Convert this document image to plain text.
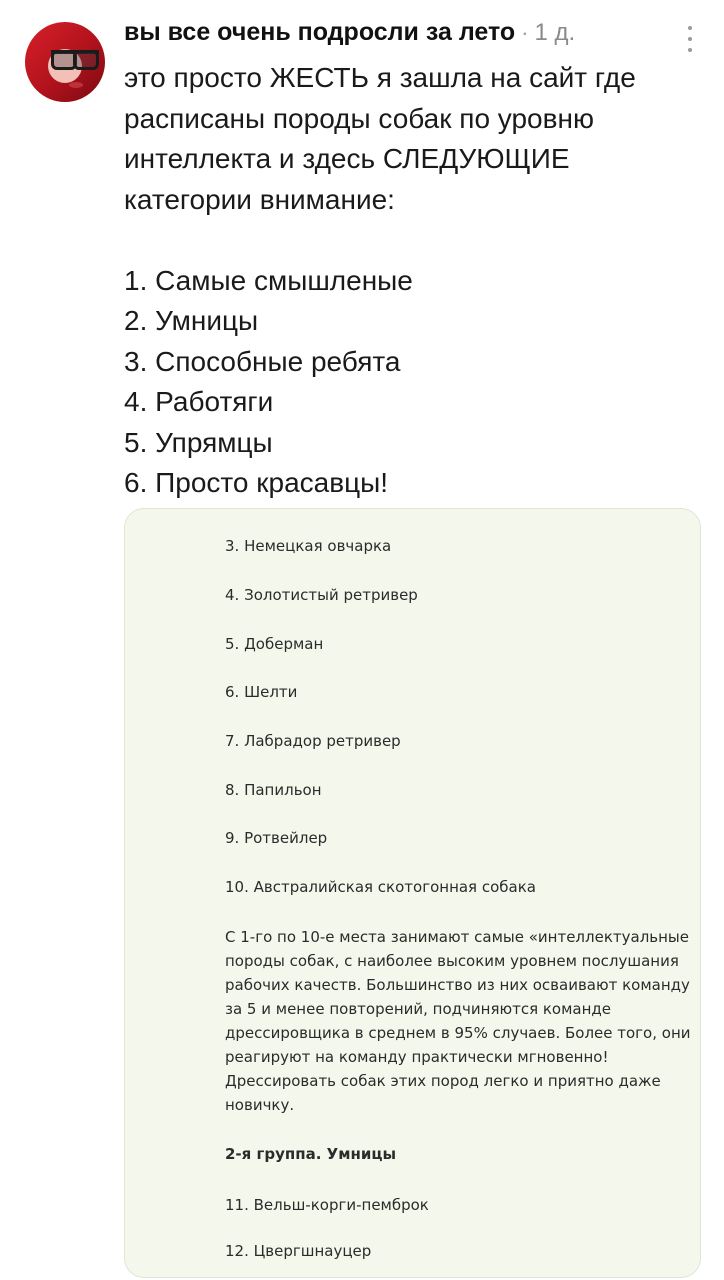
вы все очень подросли за лето · 1 д.
это просто ЖЕСТЬ я зашла на сайт где расписаны породы собак по уровню интеллекта и здесь СЛЕДУЮЩИЕ категории внимание:

1. Самые смышленые
2. Умницы
3. Способные ребята
4. Работяги
5. Упрямцы
6. Просто красавцы!
3. Немецкая овчарка
4. Золотистый ретривер
5. Доберман
6. Шелти
7. Лабрадор ретривер
8. Папильон
9. Ротвейлер
10. Австралийская скотогонная собака
С 1-го по 10-е места занимают самые «интеллектуальные
породы собак, с наиболее высоким уровнем послушания
рабочих качеств. Большинство из них осваивают команду
за 5 и менее повторений, подчиняются команде
дрессировщика в среднем в 95% случаев. Более того, они
реагируют на команду практически мгновенно!
Дрессировать собак этих пород легко и приятно даже
новичку.
2-я группа. Умницы
11. Вельш-корги-пемброк
12. Цвергшнауцер
